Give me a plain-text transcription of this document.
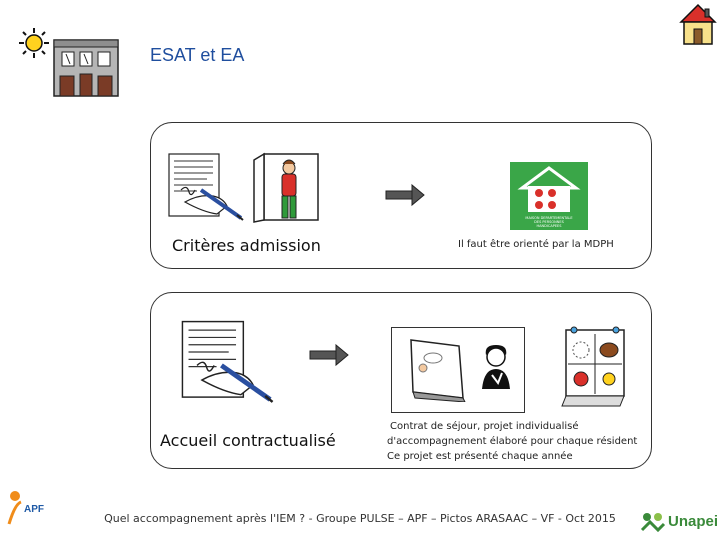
ESAT et EA
Critères admission
MAISON DEPARTEMENTALE
DES PERSONNES
HANDICAPEES
Il faut être orienté par la MDPH
Accueil contractualisé
Contrat de séjour, projet individualisé
d'accompagnement élaboré pour chaque résident
Ce projet est présenté chaque année
APF
Quel accompagnement après l'IEM ? - Groupe PULSE – APF – Pictos ARASAAC – VF - Oct 2015	Unapei
